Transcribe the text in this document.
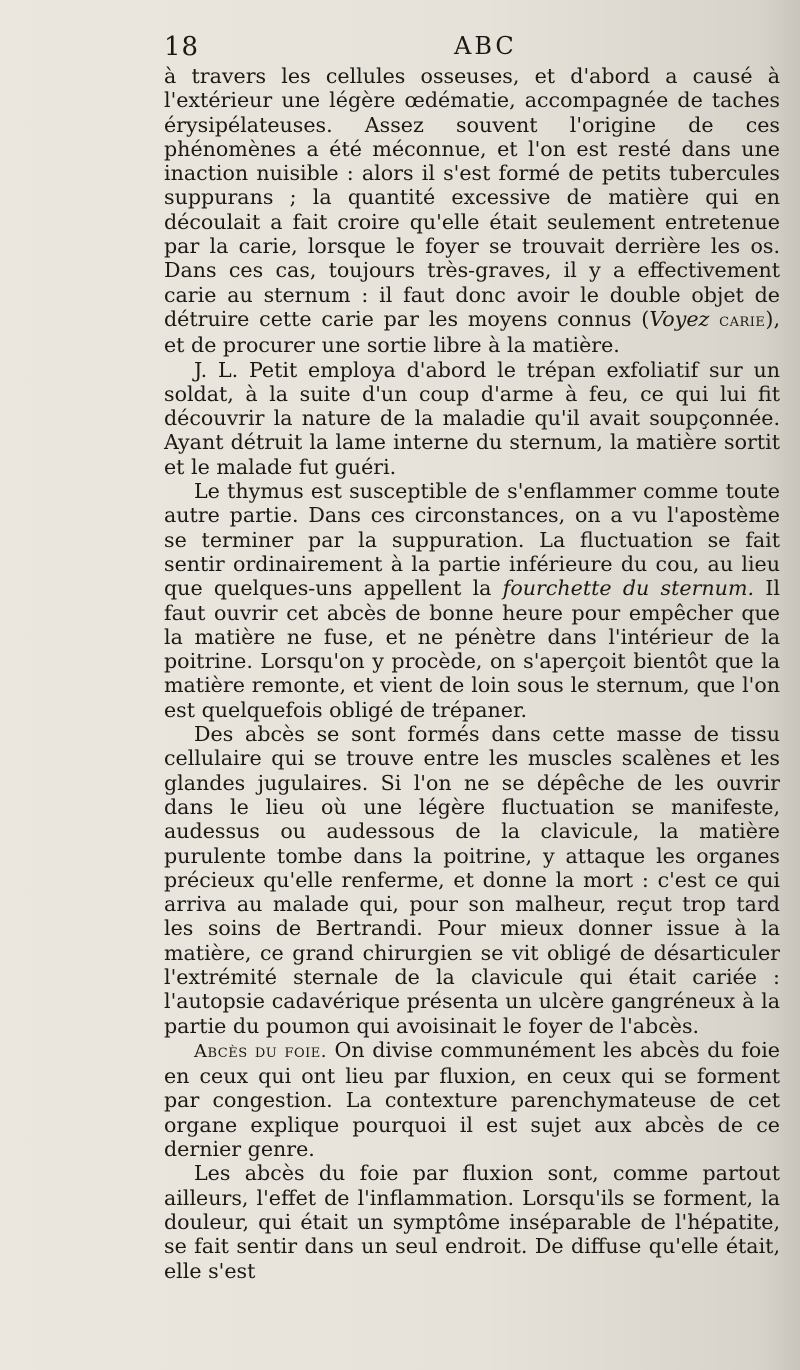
18	ABC

à travers les cellules osseuses, et d'abord a causé à l'extérieur une légère œdématie, accompagnée de taches érysipélateuses. Assez souvent l'origine de ces phénomènes a été méconnue, et l'on est resté dans une inaction nuisible : alors il s'est formé de petits tubercules suppurans ; la quantité excessive de matière qui en découlait a fait croire qu'elle était seulement entretenue par la carie, lorsque le foyer se trouvait derrière les os. Dans ces cas, toujours très-graves, il y a effectivement carie au sternum : il faut donc avoir le double objet de détruire cette carie par les moyens connus (Voyez carie), et de procurer une sortie libre à la matière.

J. L. Petit employa d'abord le trépan exfoliatif sur un soldat, à la suite d'un coup d'arme à feu, ce qui lui fit découvrir la nature de la maladie qu'il avait soupçonnée. Ayant détruit la lame interne du sternum, la matière sortit et le malade fut guéri.

Le thymus est susceptible de s'enflammer comme toute autre partie. Dans ces circonstances, on a vu l'apostème se terminer par la suppuration. La fluctuation se fait sentir ordinairement à la partie inférieure du cou, au lieu que quelques-uns appellent la fourchette du sternum. Il faut ouvrir cet abcès de bonne heure pour empêcher que la matière ne fuse, et ne pénètre dans l'intérieur de la poitrine. Lorsqu'on y procède, on s'aperçoit bientôt que la matière remonte, et vient de loin sous le sternum, que l'on est quelquefois obligé de trépaner.

Des abcès se sont formés dans cette masse de tissu cellulaire qui se trouve entre les muscles scalènes et les glandes jugulaires. Si l'on ne se dépêche de les ouvrir dans le lieu où une légère fluctuation se manifeste, audessus ou audessous de la clavicule, la matière purulente tombe dans la poitrine, y attaque les organes précieux qu'elle renferme, et donne la mort : c'est ce qui arriva au malade qui, pour son malheur, reçut trop tard les soins de Bertrandi. Pour mieux donner issue à la matière, ce grand chirurgien se vit obligé de désarticuler l'extrémité sternale de la clavicule qui était cariée : l'autopsie cadavérique présenta un ulcère gangréneux à la partie du poumon qui avoisinait le foyer de l'abcès.

Abcès du foie. On divise communément les abcès du foie en ceux qui ont lieu par fluxion, en ceux qui se forment par congestion. La contexture parenchymateuse de cet organe explique pourquoi il est sujet aux abcès de ce dernier genre.

Les abcès du foie par fluxion sont, comme partout ailleurs, l'effet de l'inflammation. Lorsqu'ils se forment, la douleur, qui était un symptôme inséparable de l'hépatite, se fait sentir dans un seul endroit. De diffuse qu'elle était, elle s'est
